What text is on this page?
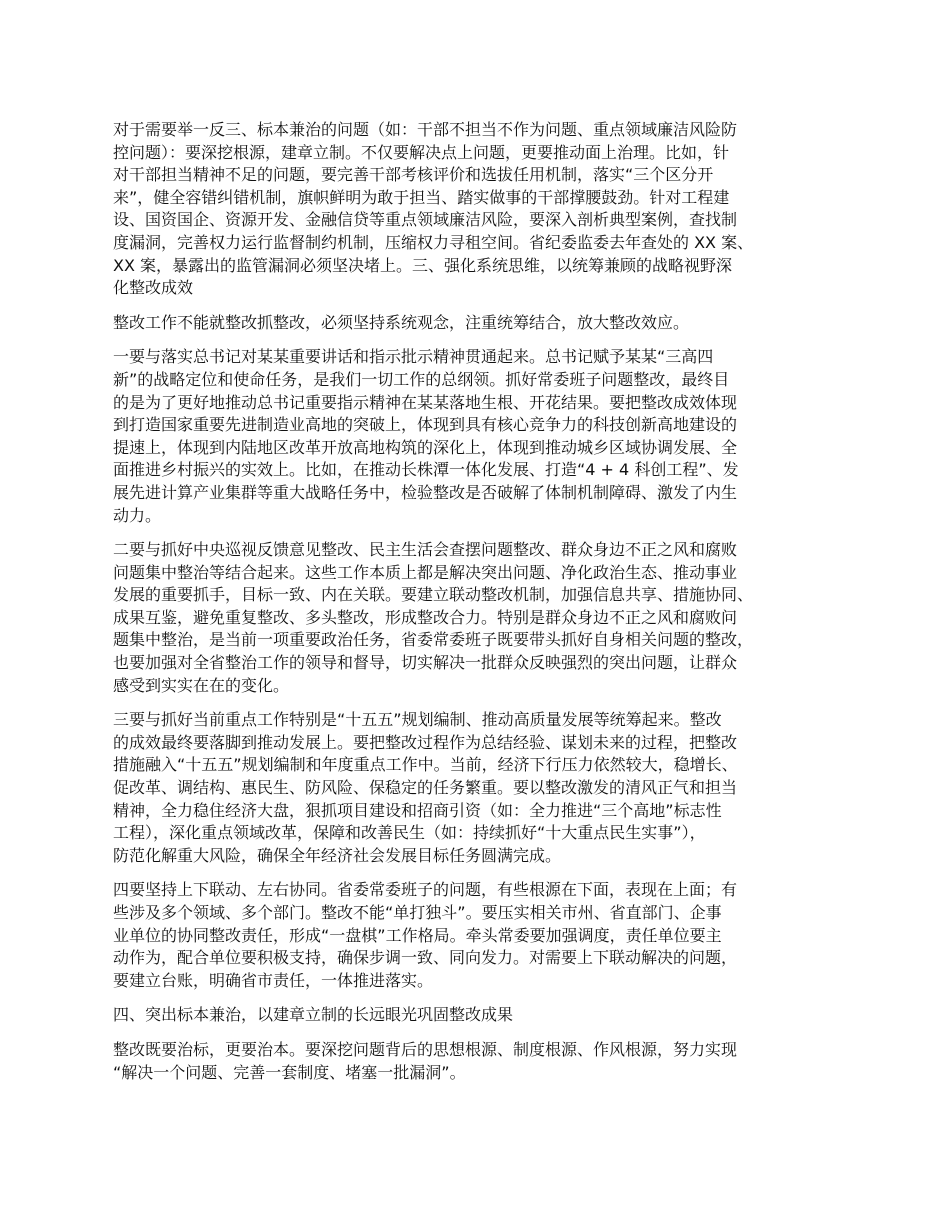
对于需要举一反三、标本兼治的问题（如：干部不担当不作为问题、重点领域廉洁风险防
控问题）：要深挖根源，建章立制。不仅要解决点上问题，更要推动面上治理。比如，针
对干部担当精神不足的问题，要完善干部考核评价和选拔任用机制，落实“三个区分开
来”，健全容错纠错机制，旗帜鲜明为敢于担当、踏实做事的干部撑腰鼓劲。针对工程建
设、国资国企、资源开发、金融信贷等重点领域廉洁风险，要深入剖析典型案例，查找制
度漏洞，完善权力运行监督制约机制，压缩权力寻租空间。省纪委监委去年查处的 XX 案、
XX 案，暴露出的监管漏洞必须坚决堵上。三、强化系统思维，以统筹兼顾的战略视野深
化整改成效

整改工作不能就整改抓整改，必须坚持系统观念，注重统筹结合，放大整改效应。

一要与落实总书记对某某重要讲话和指示批示精神贯通起来。总书记赋予某某“三高四
新”的战略定位和使命任务，是我们一切工作的总纲领。抓好常委班子问题整改，最终目
的是为了更好地推动总书记重要指示精神在某某落地生根、开花结果。要把整改成效体现
到打造国家重要先进制造业高地的突破上，体现到具有核心竞争力的科技创新高地建设的
提速上，体现到内陆地区改革开放高地构筑的深化上，体现到推动城乡区域协调发展、全
面推进乡村振兴的实效上。比如，在推动长株潭一体化发展、打造“4 + 4 科创工程”、发
展先进计算产业集群等重大战略任务中，检验整改是否破解了体制机制障碍、激发了内生
动力。

二要与抓好中央巡视反馈意见整改、民主生活会查摆问题整改、群众身边不正之风和腐败
问题集中整治等结合起来。这些工作本质上都是解决突出问题、净化政治生态、推动事业
发展的重要抓手，目标一致、内在关联。要建立联动整改机制，加强信息共享、措施协同、
成果互鉴，避免重复整改、多头整改，形成整改合力。特别是群众身边不正之风和腐败问
题集中整治，是当前一项重要政治任务，省委常委班子既要带头抓好自身相关问题的整改，
也要加强对全省整治工作的领导和督导，切实解决一批群众反映强烈的突出问题，让群众
感受到实实在在的变化。

三要与抓好当前重点工作特别是“十五五”规划编制、推动高质量发展等统筹起来。整改
的成效最终要落脚到推动发展上。要把整改过程作为总结经验、谋划未来的过程，把整改
措施融入“十五五”规划编制和年度重点工作中。当前，经济下行压力依然较大，稳增长、
促改革、调结构、惠民生、防风险、保稳定的任务繁重。要以整改激发的清风正气和担当
精神，全力稳住经济大盘，狠抓项目建设和招商引资（如：全力推进“三个高地”标志性
工程），深化重点领域改革，保障和改善民生（如：持续抓好“十大重点民生实事”），
防范化解重大风险，确保全年经济社会发展目标任务圆满完成。

四要坚持上下联动、左右协同。省委常委班子的问题，有些根源在下面，表现在上面；有
些涉及多个领域、多个部门。整改不能“单打独斗”。要压实相关市州、省直部门、企事
业单位的协同整改责任，形成“一盘棋”工作格局。牵头常委要加强调度，责任单位要主
动作为，配合单位要积极支持，确保步调一致、同向发力。对需要上下联动解决的问题，
要建立台账，明确省市责任，一体推进落实。

四、突出标本兼治，以建章立制的长远眼光巩固整改成果

整改既要治标，更要治本。要深挖问题背后的思想根源、制度根源、作风根源，努力实现
“解决一个问题、完善一套制度、堵塞一批漏洞”。
